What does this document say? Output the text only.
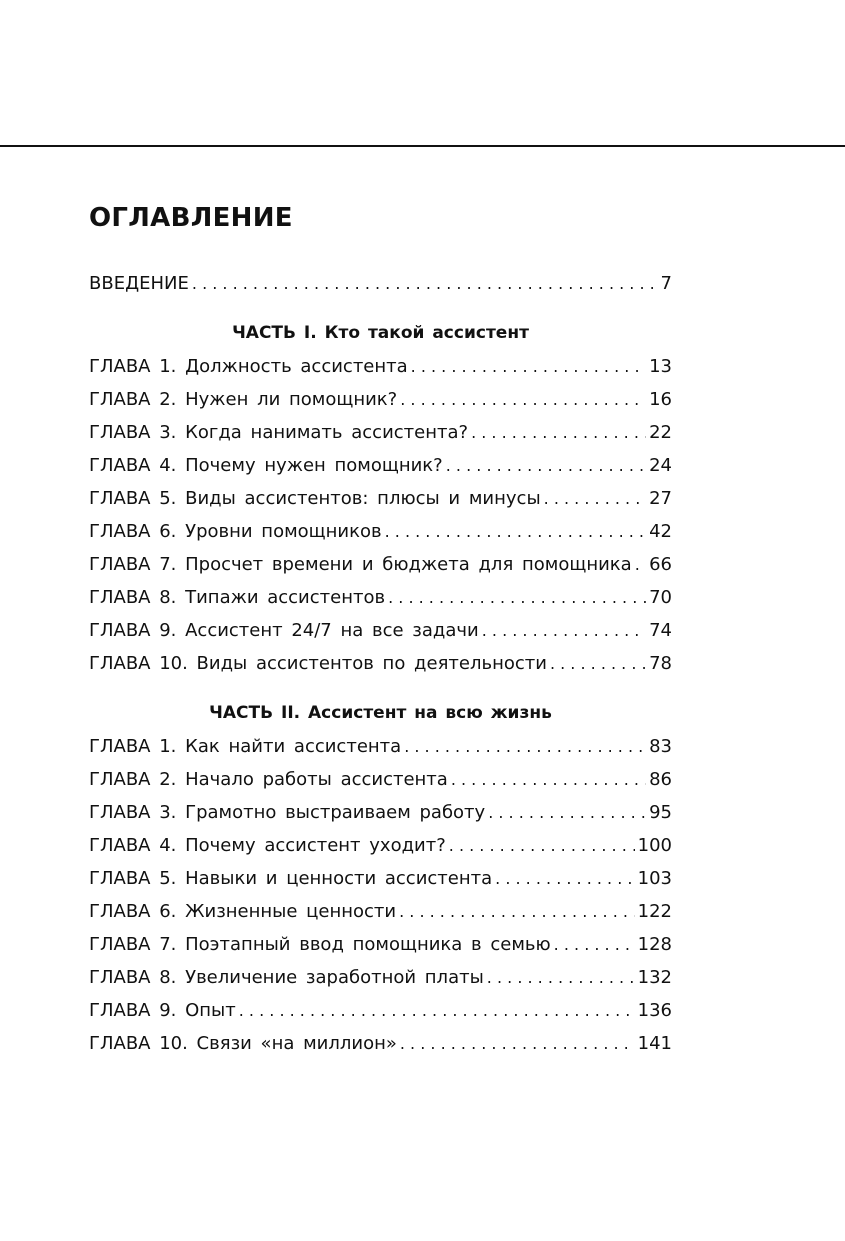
ОГЛАВЛЕНИЕ
ВВЕДЕНИЕ . . .	7
ЧАСТЬ I. Кто такой ассистент
ГЛАВА 1. Должность ассистента . . .	13
ГЛАВА 2. Нужен ли помощник? . . .	16
ГЛАВА 3. Когда нанимать ассистента? . . .	22
ГЛАВА 4. Почему нужен помощник? . . .	24
ГЛАВА 5. Виды ассистентов: плюсы и минусы . . .	27
ГЛАВА 6. Уровни помощников . . .	42
ГЛАВА 7. Просчет времени и бюджета для помощника . . . 66
ГЛАВА 8. Типажи ассистентов . . .	70
ГЛАВА 9. Ассистент 24/7 на все задачи . . .	74
ГЛАВА 10. Виды ассистентов по деятельности . . .	78
ЧАСТЬ II. Ассистент на всю жизнь
ГЛАВА 1. Как найти ассистента . . .	83
ГЛАВА 2. Начало работы ассистента . . .	86
ГЛАВА 3. Грамотно выстраиваем работу . . .	95
ГЛАВА 4. Почему ассистент уходит? . . .	100
ГЛАВА 5. Навыки и ценности ассистента . . .	103
ГЛАВА 6. Жизненные ценности . . .	122
ГЛАВА 7. Поэтапный ввод помощника в семью . . .	128
ГЛАВА 8. Увеличение заработной платы . . .	132
ГЛАВА 9. Опыт . . .	136
ГЛАВА 10. Связи «на миллион» . . .	141
